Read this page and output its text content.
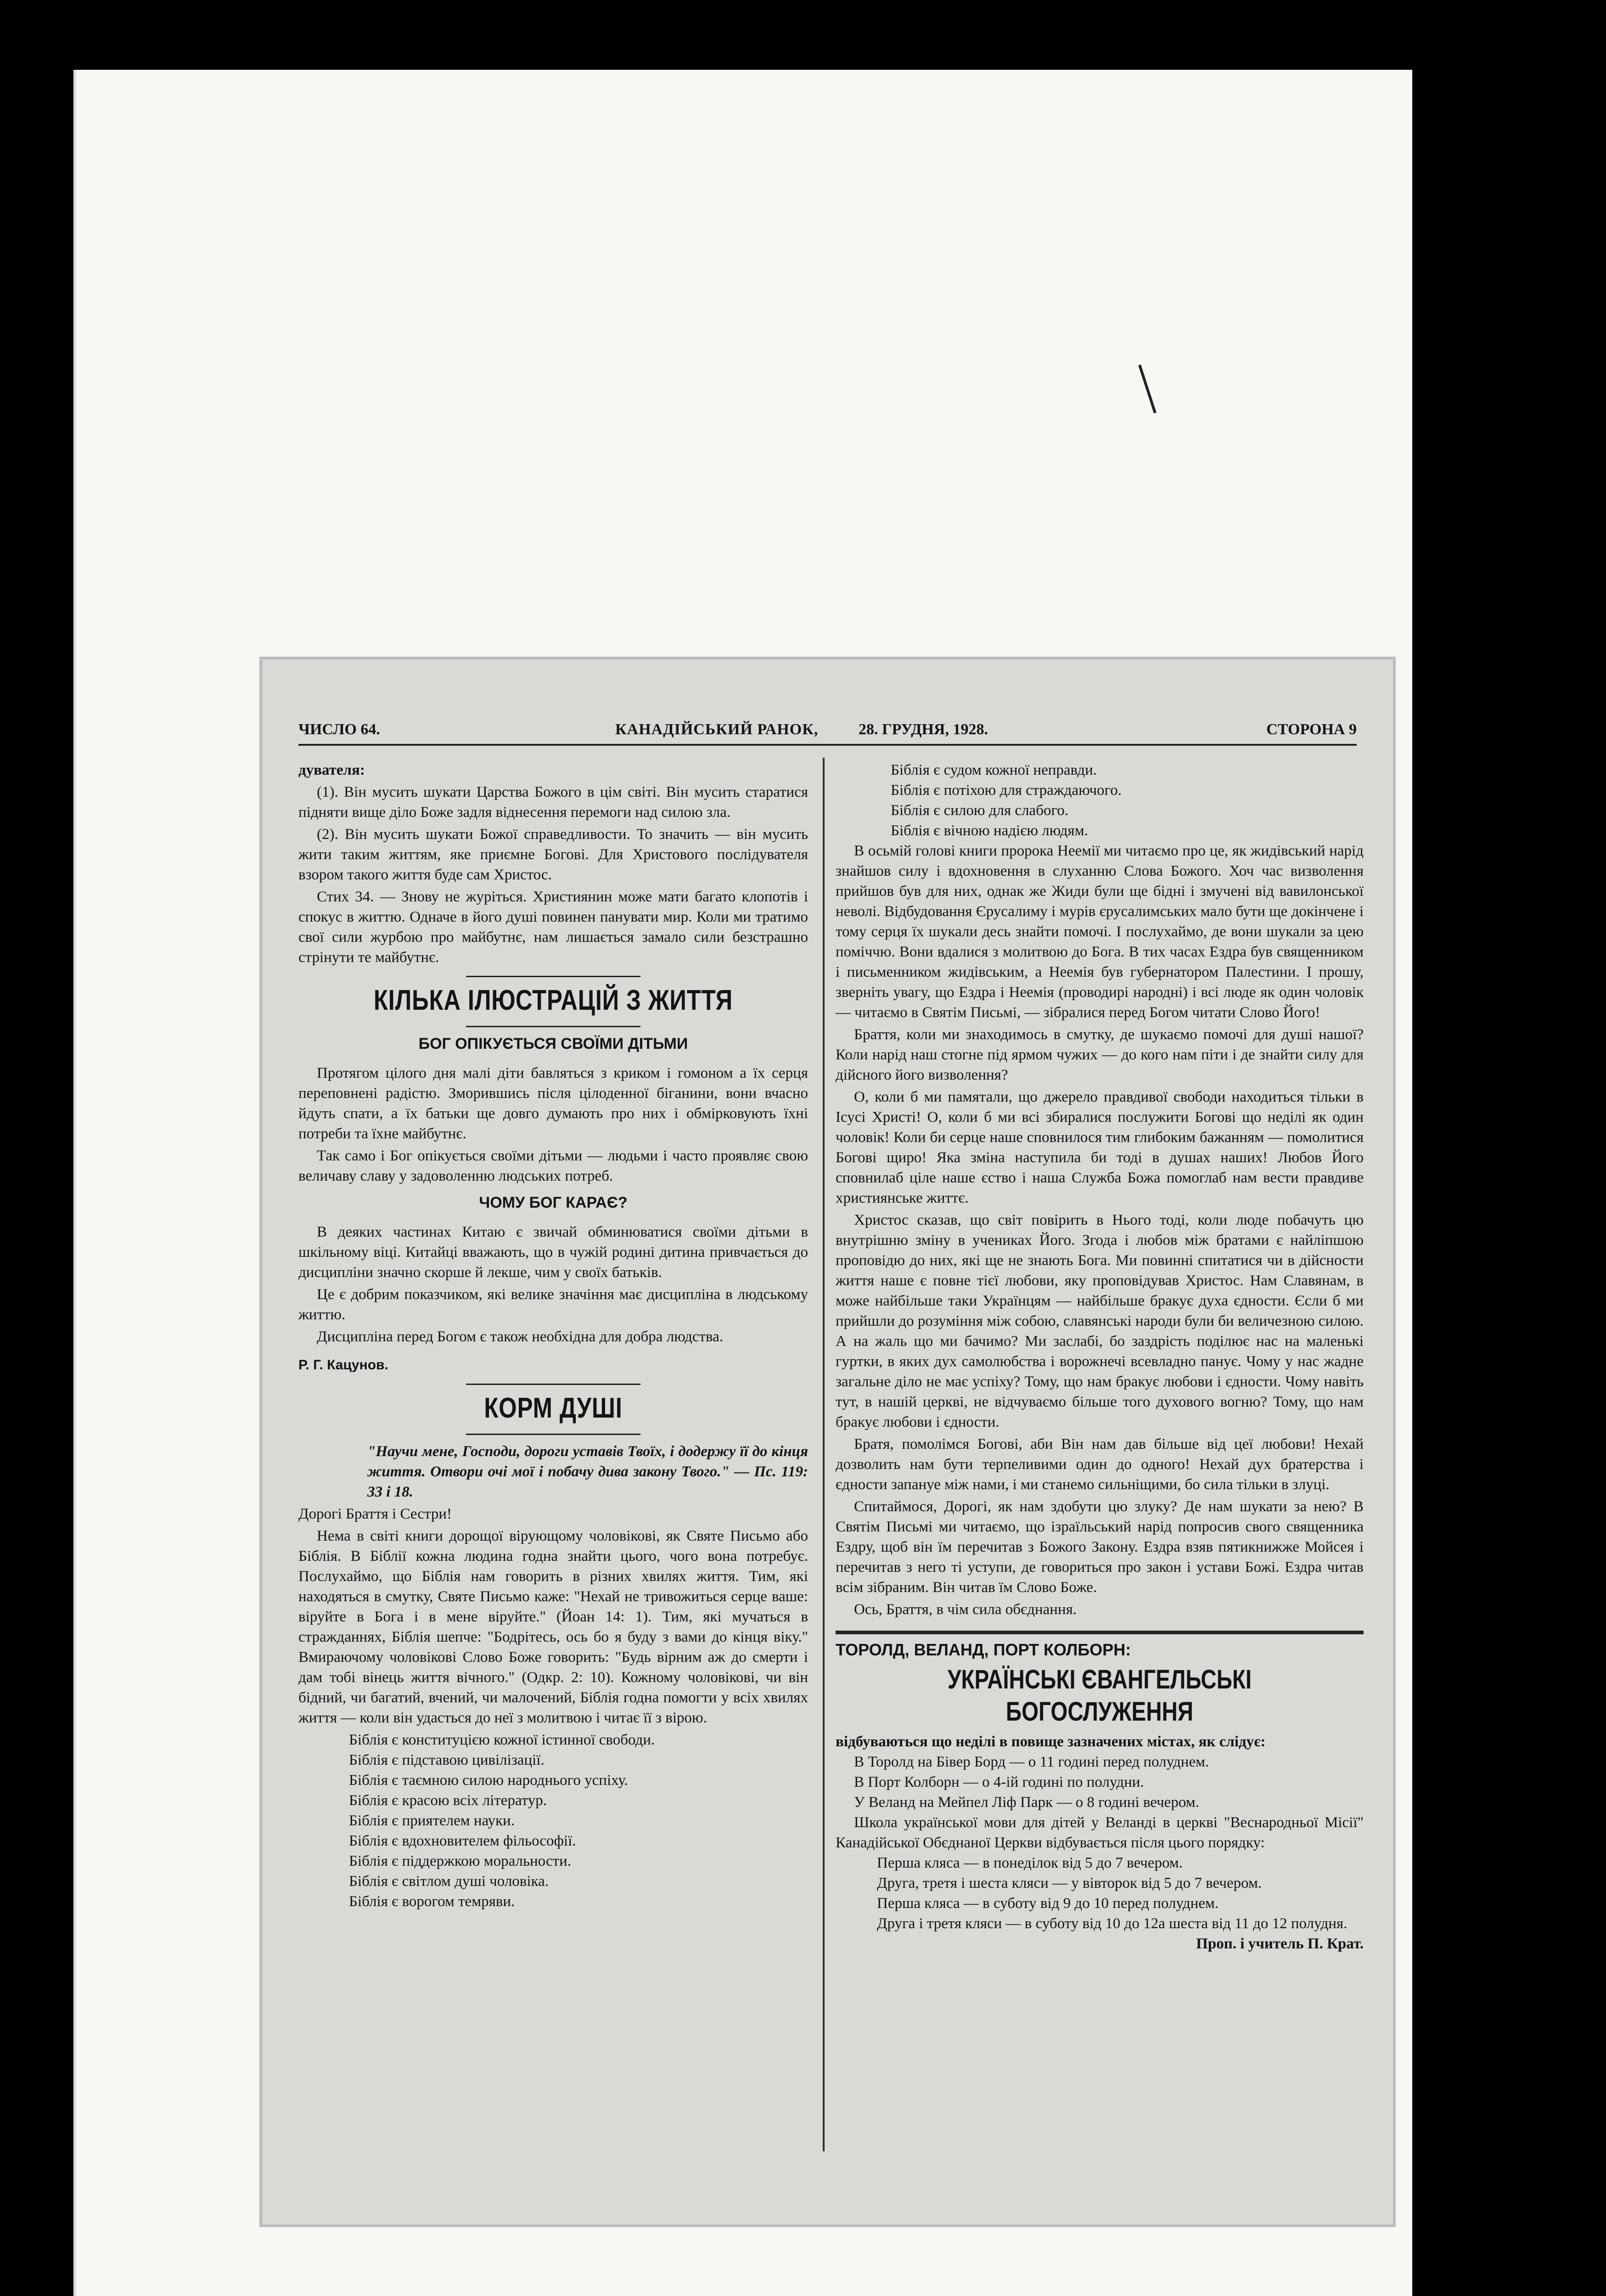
ЧИСЛО 64.	КАНАДІЙСЬКИЙ РАНОК,	28. ГРУДНЯ, 1928.	СТОРОНА 9

дувателя:

(1). Він мусить шукати Царства Божого в цім світі. Він мусить старатися підняти вище діло Боже задля віднесення перемоги над силою зла.

(2). Він мусить шукати Божої справедливости. То значить — він мусить жити таким життям, яке приємне Богові. Для Христового послідувателя взором такого життя буде сам Христос.

Стих 34. — Знову не журіться. Християнин може мати багато клопотів і спокус в життю. Одначе в його душі повинен панувати мир. Коли ми тратимо свої сили журбою про майбутнє, нам лишається замало сили безстрашно стрінути те майбутнє.

КІЛЬКА ІЛЮСТРАЦІЙ З ЖИТТЯ
БОГ ОПІКУЄТЬСЯ СВОЇМИ ДІТЬМИ

Протягом цілого дня малі діти бавляться з криком і гомоном а їх серця переповнені радістю. Зморившись після цілоденної біганини, вони вчасно йдуть спати, а їх батьки ще довго думають про них і обмірковують їхні потреби та їхне майбутнє.

Так само і Бог опікується своїми дітьми — людьми і часто проявляє свою величаву славу у задоволенню людських потреб.

ЧОМУ БОГ КАРАЄ?

В деяких частинах Китаю є звичай обминюватися своїми дітьми в шкільному віці. Китайці вважають, що в чужій родині дитина привчається до дисципліни значно скорше й лекше, чим у своїх батьків.

Це є добрим показчиком, які велике значіння має дисципліна в людському життю.

Дисципліна перед Богом є також необхідна для добра людства.

Р. Г. Кацунов.
КОРМ ДУШІ

"Научи мене, Господи, дороги уставів Твоїх, і додержу її до кінця життя. Отвори очі мої і побачу дива закону Твого." — Пс. 119: 33 і 18.

Дорогі Браття і Сестри!

Нема в світі книги дорощої вірующому чоловікові, як Святе Письмо або Біблія. В Біблії кожна людина годна знайти цього, чого вона потребує. Послухаймо, що Біблія нам говорить в різних хвилях життя. Тим, які находяться в смутку, Святе Письмо каже: "Нехай не тривожиться серце ваше: віруйте в Бога і в мене віруйте." (Йоан 14: 1). Тим, які мучаться в стражданнях, Біблія шепче: "Бодрітесь, ось бо я буду з вами до кінця віку." Вмираючому чоловікові Слово Боже говорить: "Будь вірним аж до смерти і дам тобі вінець життя вічного." (Одкр. 2: 10). Кожному чоловікові, чи він бідний, чи багатий, вчений, чи малочений, Біблія годна помогти у всіх хвилях життя — коли він удасться до неї з молитвою і читає її з вірою.

Біблія є конституцією кожної істинної свободи.

Біблія є підставою цивілізації.

Біблія є таємною силою народнього успіху.

Біблія є красою всіх літератур.

Біблія є приятелем науки.

Біблія є вдохновителем фільософії.

Біблія є піддержкою моральности.

Біблія є світлом душі чоловіка.

Біблія є ворогом темряви.

Біблія є судом кожної неправди.

Біблія є потіхою для страждаючого.

Біблія є силою для слабого.

Біблія є вічною надією людям.

В осьмій голові книги пророка Неемії ми читаємо про це, як жидівський нарід знайшов силу і вдохновення в слуханню Слова Божого. Хоч час визволення прийшов був для них, однак же Жиди були ще бідні і змучені від вавилонської неволі. Відбудовання Єрусалиму і мурів єрусалимських мало бути ще докінчене і тому серця їх шукали десь знайти помочі. І послухаймо, де вони шукали за цею поміччю. Вони вдалися з молитвою до Бога. В тих часах Ездра був священником і письменником жидівським, а Неемія був губернатором Палестини. І прошу, зверніть увагу, що Ездра і Неемія (проводирі народні) і всі люде як один чоловік — читаємо в Святім Письмі, — зібралися перед Богом читати Слово Його!

Браття, коли ми знаходимось в смутку, де шукаємо помочі для душі нашої? Коли нарід наш стогне під ярмом чужих — до кого нам піти і де знайти силу для дійсного його визволення?

О, коли б ми памятали, що джерело правдивої свободи находиться тільки в Ісусі Христі! О, коли б ми всі збиралися послужити Богові що неділі як один чоловік! Коли би серце наше сповнилося тим глибоким бажанням — помолитися Богові щиро! Яка зміна наступила би тоді в душах наших! Любов Його сповнилаб ціле наше єство і наша Служба Божа помоглаб нам вести правдиве християнське життє.

Христос сказав, що світ повірить в Нього тоді, коли люде побачуть цю внутрішню зміну в учениках Його. Згода і любов між братами є найліпшою проповідю до них, які ще не знають Бога. Ми повинні спитатися чи в дійсности життя наше є повне тієї любови, яку проповідував Христос. Нам Славянам, в може найбільше таки Українцям — найбільше бракує духа єдности. Єсли б ми прийшли до розуміння між собою, славянські народи були би величезною силою. А на жаль що ми бачимо? Ми заслабі, бо заздрість поділює нас на маленькі гуртки, в яких дух самолюбства і ворожнечі всевладно панує. Чому у нас жадне загальне діло не має успіху? Тому, що нам бракує любови і єдности. Чому навіть тут, в нашій церкві, не відчуваємо більше того духового вогню? Тому, що нам бракує любови і єдности.

Братя, помолімся Богові, аби Він нам дав більше від цеї любови! Нехай дозволить нам бути терпеливими один до одного! Нехай дух братерства і єдности запануе між нами, і ми станемо сильніщими, бо сила тільки в злуці.

Спитаймося, Дорогі, як нам здобути цю злуку? Де нам шукати за нею? В Святім Письмі ми читаємо, що ізраїльський нарід попросив свого священника Ездру, щоб він їм перечитав з Божого Закону. Ездра взяв пятикнижже Мойсея і перечитав з него ті уступи, де говориться про закон і устави Божі. Ездра читав всім зібраним. Він читав їм Слово Боже.

Ось, Браття, в чім сила обєднання.

ТОРОЛД, ВЕЛАНД, ПОРТ КОЛБОРН:
УКРАЇНСЬКІ ЄВАНГЕЛЬСЬКІ БОГОСЛУЖЕННЯ

відбуваються що неділі в повище зазначених містах, як слідує:

В Торолд на Бівер Борд — о 11 годині перед полуднем.

В Порт Колборн — о 4-ій годині по полудни.

У Веланд на Мейпел Ліф Парк — о 8 годині вечером.

Школа української мови для дітей у Веланді в церкві "Веснародньої Місії" Канадійської Обєднаної Церкви відбувається після цього порядку:

Перша кляса — в понеділок від 5 до 7 вечером.

Друга, третя і шеста кляси — у вівторок від 5 до 7 вечером.

Перша кляса — в суботу від 9 до 10 перед полуднем.

Друга і третя кляси — в суботу від 10 до 12а шеста від 11 до 12 полудня.

Проп. і учитель П. Крат.
